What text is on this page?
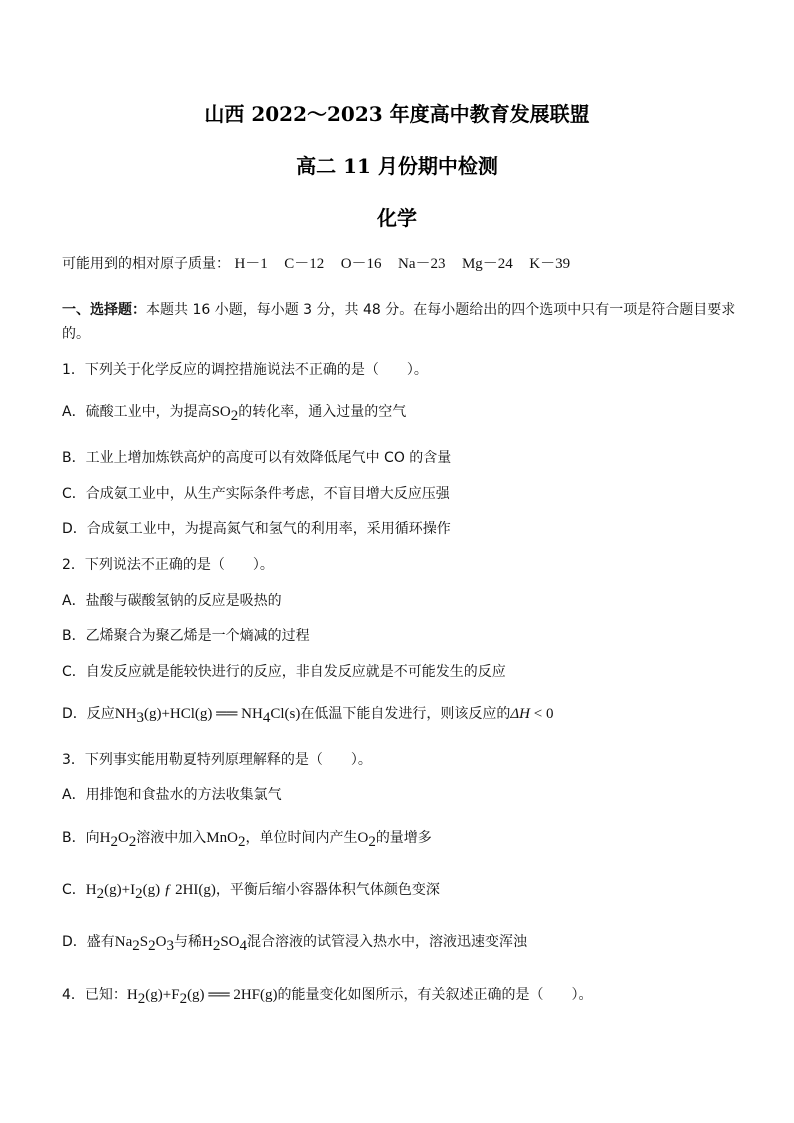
山西 2022～2023 年度高中教育发展联盟
高二 11 月份期中检测
化学
可能用到的相对原子质量： H－1 C－12 O－16 Na－23 Mg－24 K－39
一、选择题：本题共 16 小题，每小题 3 分，共 48 分。在每小题给出的四个选项中只有一项是符合题目要求的。
1．下列关于化学反应的调控措施说法不正确的是（　　）。
A．硫酸工业中，为提高$SO_2$的转化率，通入过量的空气
B．工业上增加炼铁高炉的高度可以有效降低尾气中 CO 的含量
C．合成氨工业中，从生产实际条件考虑，不盲目增大反应压强
D．合成氨工业中，为提高氮气和氢气的利用率，采用循环操作
2．下列说法不正确的是（　　）。
A．盐酸与碳酸氢钠的反应是吸热的
B．乙烯聚合为聚乙烯是一个熵减的过程
C．自发反应就是能较快进行的反应，非自发反应就是不可能发生的反应
D．反应$NH_3(g)+HCl(g)$ ══ $NH_4Cl(s)$在低温下能自发进行，则该反应的ΔH < 0
3．下列事实能用勒夏特列原理解释的是（　　）。
A．用排饱和食盐水的方法收集氯气
B．向$H_2O_2$溶液中加入MnO$_2$，单位时间内产生$O_2$的量增多
C．$H_2(g)+I_2(g)$ ƒ 2HI(g)，平衡后缩小容器体积气体颜色变深
D．盛有$Na_2S_2O_3$与稀$H_2SO_4$混合溶液的试管浸入热水中，溶液迅速变浑浊
4．已知：$H_2(g)+F_2(g)$ ══ 2HF(g)的能量变化如图所示，有关叙述正确的是（　　）。
